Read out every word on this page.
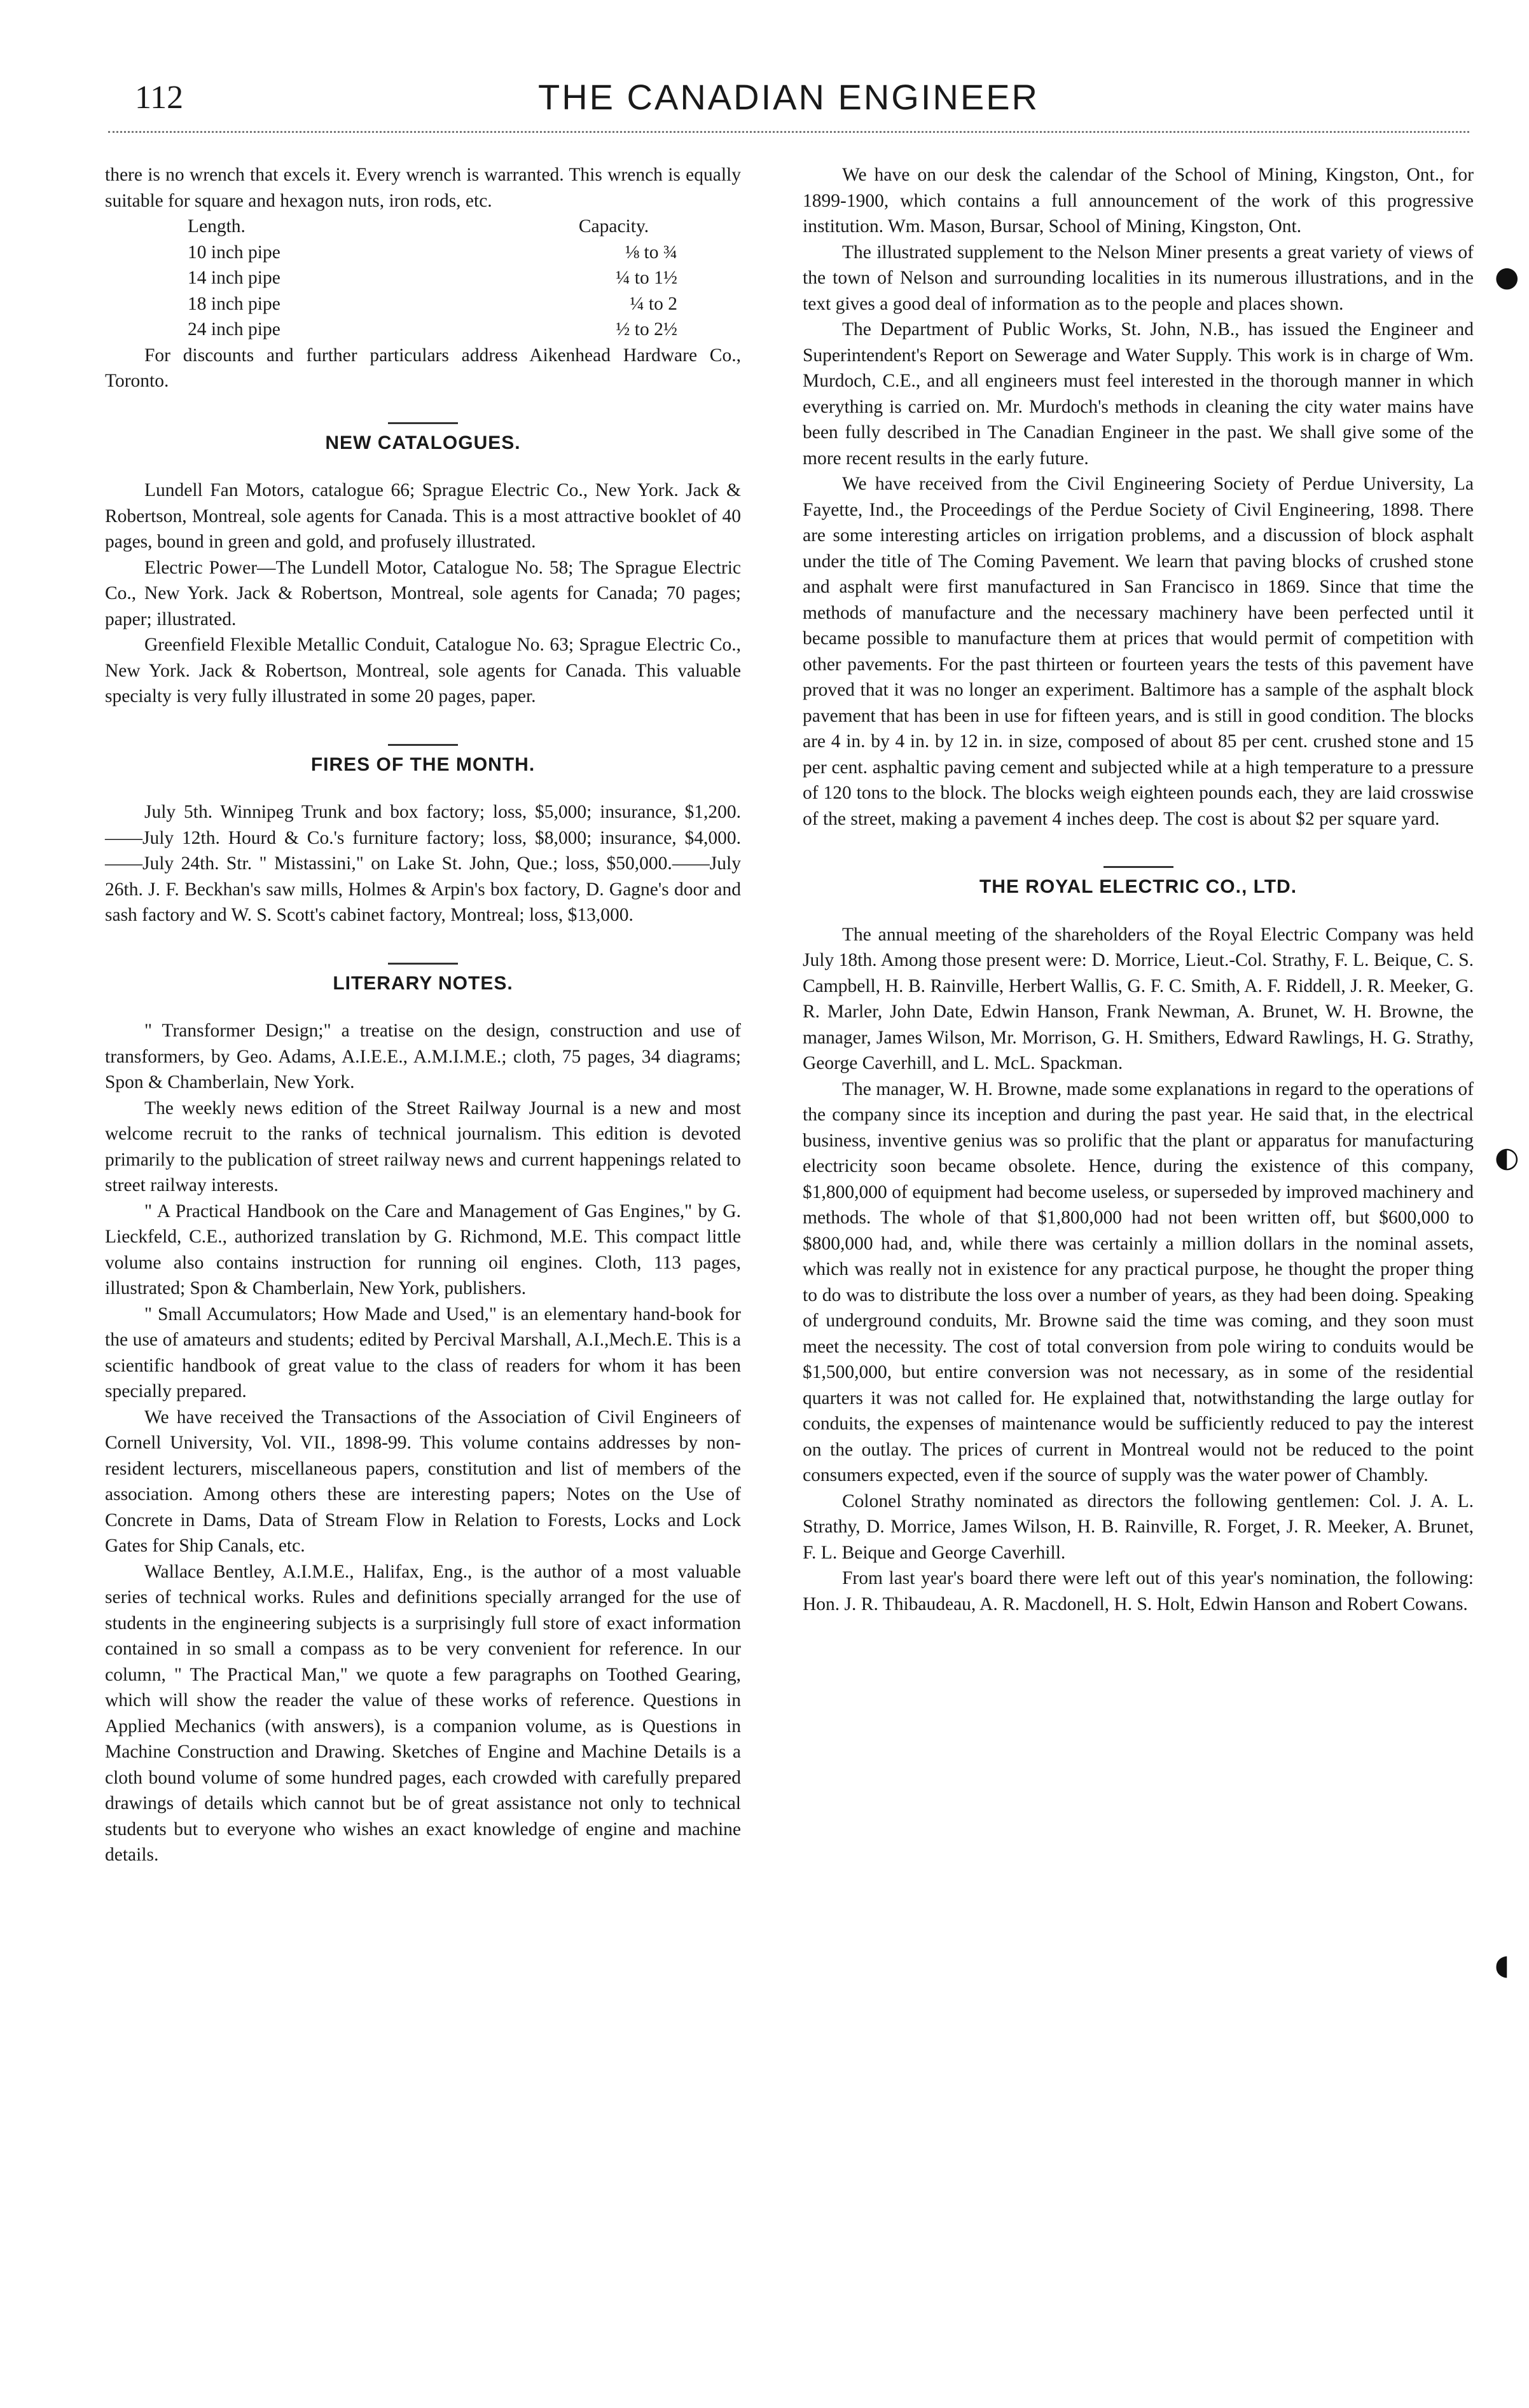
112	THE CANADIAN ENGINEER

there is no wrench that excels it. Every wrench is warranted. This wrench is equally suitable for square and hexagon nuts, iron rods, etc.

Length.	Capacity.
10 inch pipe	⅛ to ¾
14 inch pipe	¼ to 1½
18 inch pipe	¼ to 2
24 inch pipe	½ to 2½

For discounts and further particulars address Aikenhead Hardware Co., Toronto.

NEW CATALOGUES.

Lundell Fan Motors, catalogue 66; Sprague Electric Co., New York. Jack & Robertson, Montreal, sole agents for Canada. This is a most attractive booklet of 40 pages, bound in green and gold, and profusely illustrated.

Electric Power—The Lundell Motor, Catalogue No. 58; The Sprague Electric Co., New York. Jack & Robertson, Montreal, sole agents for Canada; 70 pages; paper; illustrated.

Greenfield Flexible Metallic Conduit, Catalogue No. 63; Sprague Electric Co., New York. Jack & Robertson, Montreal, sole agents for Canada. This valuable specialty is very fully illustrated in some 20 pages, paper.

FIRES OF THE MONTH.

July 5th. Winnipeg Trunk and box factory; loss, $5,000; insurance, $1,200.——July 12th. Hourd & Co.'s furniture factory; loss, $8,000; insurance, $4,000.——July 24th. Str. " Mistassini," on Lake St. John, Que.; loss, $50,000.——July 26th. J. F. Beckhan's saw mills, Holmes & Arpin's box factory, D. Gagne's door and sash factory and W. S. Scott's cabinet factory, Montreal; loss, $13,000.

LITERARY NOTES.

" Transformer Design;" a treatise on the design, construction and use of transformers, by Geo. Adams, A.I.E.E., A.M.I.M.E.; cloth, 75 pages, 34 diagrams; Spon & Chamberlain, New York.

The weekly news edition of the Street Railway Journal is a new and most welcome recruit to the ranks of technical journalism. This edition is devoted primarily to the publication of street railway news and current happenings related to street railway interests.

" A Practical Handbook on the Care and Management of Gas Engines," by G. Lieckfeld, C.E., authorized translation by G. Richmond, M.E. This compact little volume also contains instruction for running oil engines. Cloth, 113 pages, illustrated; Spon & Chamberlain, New York, publishers.

" Small Accumulators; How Made and Used," is an elementary hand-book for the use of amateurs and students; edited by Percival Marshall, A.I.,Mech.E. This is a scientific handbook of great value to the class of readers for whom it has been specially prepared.

We have received the Transactions of the Association of Civil Engineers of Cornell University, Vol. VII., 1898-99. This volume contains addresses by non-resident lecturers, miscellaneous papers, constitution and list of members of the association. Among others these are interesting papers; Notes on the Use of Concrete in Dams, Data of Stream Flow in Relation to Forests, Locks and Lock Gates for Ship Canals, etc.

Wallace Bentley, A.I.M.E., Halifax, Eng., is the author of a most valuable series of technical works. Rules and definitions specially arranged for the use of students in the engineering subjects is a surprisingly full store of exact information contained in so small a compass as to be very convenient for reference. In our column, " The Practical Man," we quote a few paragraphs on Toothed Gearing, which will show the reader the value of these works of reference. Questions in Applied Mechanics (with answers), is a companion volume, as is Questions in Machine Construction and Drawing. Sketches of Engine and Machine Details is a cloth bound volume of some hundred pages, each crowded with carefully prepared drawings of details which cannot but be of great assistance not only to technical students but to everyone who wishes an exact knowledge of engine and machine details.

We have on our desk the calendar of the School of Mining, Kingston, Ont., for 1899-1900, which contains a full announcement of the work of this progressive institution. Wm. Mason, Bursar, School of Mining, Kingston, Ont.

The illustrated supplement to the Nelson Miner presents a great variety of views of the town of Nelson and surrounding localities in its numerous illustrations, and in the text gives a good deal of information as to the people and places shown.

The Department of Public Works, St. John, N.B., has issued the Engineer and Superintendent's Report on Sewerage and Water Supply. This work is in charge of Wm. Murdoch, C.E., and all engineers must feel interested in the thorough manner in which everything is carried on. Mr. Murdoch's methods in cleaning the city water mains have been fully described in The Canadian Engineer in the past. We shall give some of the more recent results in the early future.

We have received from the Civil Engineering Society of Perdue University, La Fayette, Ind., the Proceedings of the Perdue Society of Civil Engineering, 1898. There are some interesting articles on irrigation problems, and a discussion of block asphalt under the title of The Coming Pavement. We learn that paving blocks of crushed stone and asphalt were first manufactured in San Francisco in 1869. Since that time the methods of manufacture and the necessary machinery have been perfected until it became possible to manufacture them at prices that would permit of competition with other pavements. For the past thirteen or fourteen years the tests of this pavement have proved that it was no longer an experiment. Baltimore has a sample of the asphalt block pavement that has been in use for fifteen years, and is still in good condition. The blocks are 4 in. by 4 in. by 12 in. in size, composed of about 85 per cent. crushed stone and 15 per cent. asphaltic paving cement and subjected while at a high temperature to a pressure of 120 tons to the block. The blocks weigh eighteen pounds each, they are laid crosswise of the street, making a pavement 4 inches deep. The cost is about $2 per square yard.

THE ROYAL ELECTRIC CO., LTD.

The annual meeting of the shareholders of the Royal Electric Company was held July 18th. Among those present were: D. Morrice, Lieut.-Col. Strathy, F. L. Beique, C. S. Campbell, H. B. Rainville, Herbert Wallis, G. F. C. Smith, A. F. Riddell, J. R. Meeker, G. R. Marler, John Date, Edwin Hanson, Frank Newman, A. Brunet, W. H. Browne, the manager, James Wilson, Mr. Morrison, G. H. Smithers, Edward Rawlings, H. G. Strathy, George Caverhill, and L. McL. Spackman.

The manager, W. H. Browne, made some explanations in regard to the operations of the company since its inception and during the past year. He said that, in the electrical business, inventive genius was so prolific that the plant or apparatus for manufacturing electricity soon became obsolete. Hence, during the existence of this company, $1,800,000 of equipment had become useless, or superseded by improved machinery and methods. The whole of that $1,800,000 had not been written off, but $600,000 to $800,000 had, and, while there was certainly a million dollars in the nominal assets, which was really not in existence for any practical purpose, he thought the proper thing to do was to distribute the loss over a number of years, as they had been doing. Speaking of underground conduits, Mr. Browne said the time was coming, and they soon must meet the necessity. The cost of total conversion from pole wiring to conduits would be $1,500,000, but entire conversion was not necessary, as in some of the residential quarters it was not called for. He explained that, notwithstanding the large outlay for conduits, the expenses of maintenance would be sufficiently reduced to pay the interest on the outlay. The prices of current in Montreal would not be reduced to the point consumers expected, even if the source of supply was the water power of Chambly.

Colonel Strathy nominated as directors the following gentlemen: Col. J. A. L. Strathy, D. Morrice, James Wilson, H. B. Rainville, R. Forget, J. R. Meeker, A. Brunet, F. L. Beique and George Caverhill.

From last year's board there were left out of this year's nomination, the following: Hon. J. R. Thibaudeau, A. R. Macdonell, H. S. Holt, Edwin Hanson and Robert Cowans.

●
◐
◖
